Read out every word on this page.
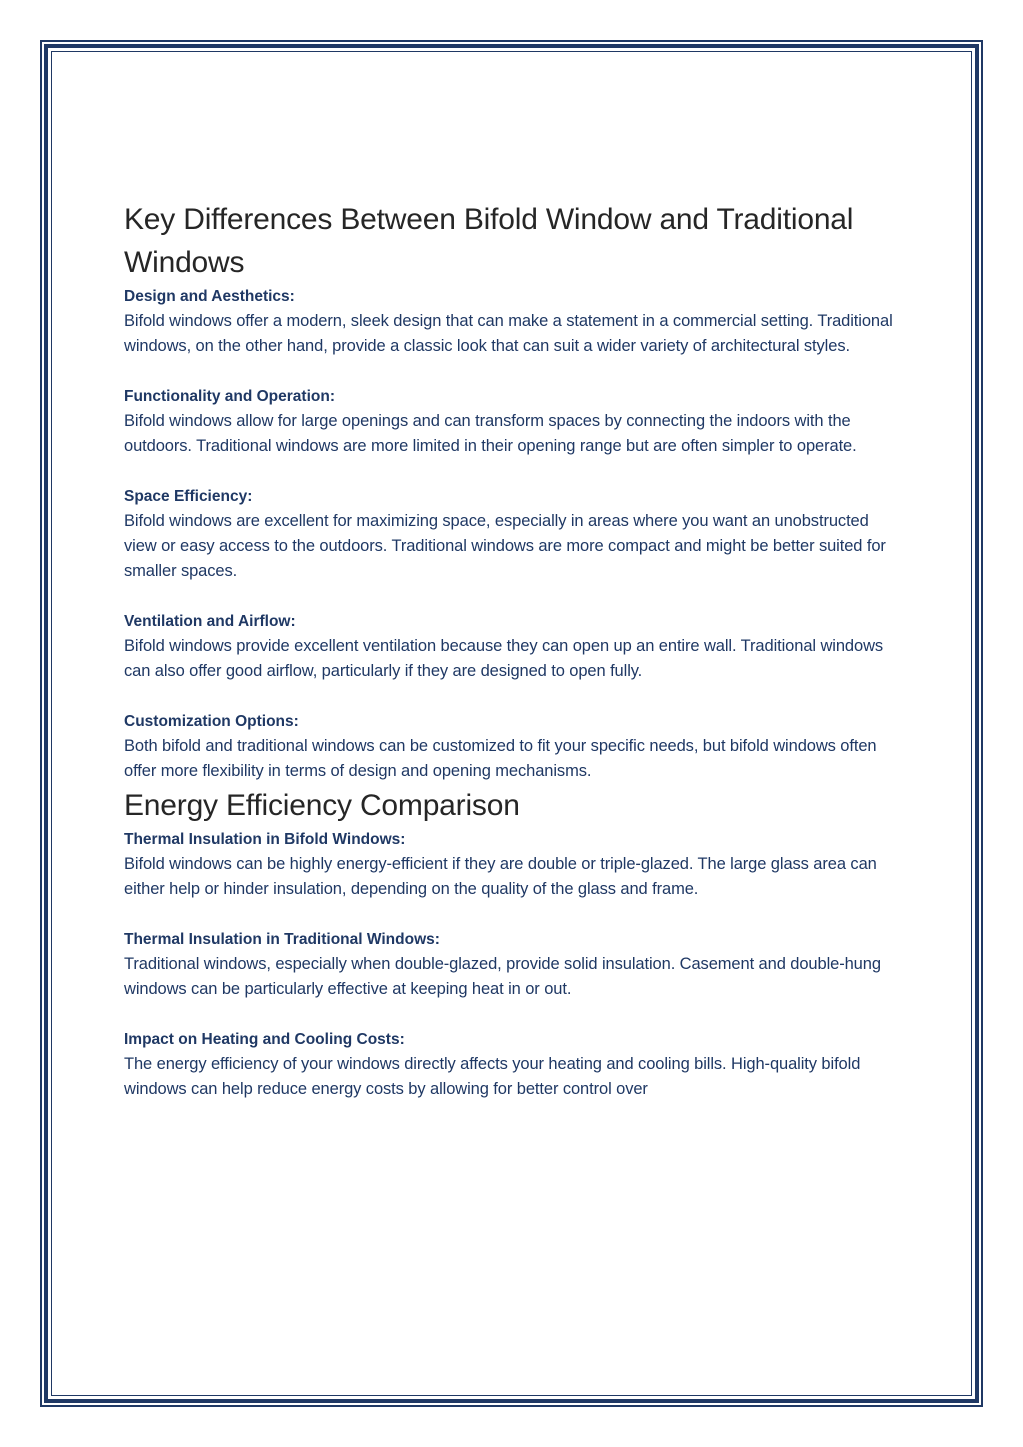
Key Differences Between Bifold Window and Traditional Windows

Design and Aesthetics:

Bifold windows offer a modern, sleek design that can make a statement in a commercial setting. Traditional windows, on the other hand, provide a classic look that can suit a wider variety of architectural styles.

Functionality and Operation:

Bifold windows allow for large openings and can transform spaces by connecting the indoors with the outdoors. Traditional windows are more limited in their opening range but are often simpler to operate.

Space Efficiency:

Bifold windows are excellent for maximizing space, especially in areas where you want an unobstructed view or easy access to the outdoors. Traditional windows are more compact and might be better suited for smaller spaces.

Ventilation and Airflow:

Bifold windows provide excellent ventilation because they can open up an entire wall. Traditional windows can also offer good airflow, particularly if they are designed to open fully.

Customization Options:

Both bifold and traditional windows can be customized to fit your specific needs, but bifold windows often offer more flexibility in terms of design and opening mechanisms.

Energy Efficiency Comparison

Thermal Insulation in Bifold Windows:

Bifold windows can be highly energy-efficient if they are double or triple-glazed. The large glass area can either help or hinder insulation, depending on the quality of the glass and frame.

Thermal Insulation in Traditional Windows:

Traditional windows, especially when double-glazed, provide solid insulation. Casement and double-hung windows can be particularly effective at keeping heat in or out.

Impact on Heating and Cooling Costs:

The energy efficiency of your windows directly affects your heating and cooling bills. High-quality bifold windows can help reduce energy costs by allowing for better control over
